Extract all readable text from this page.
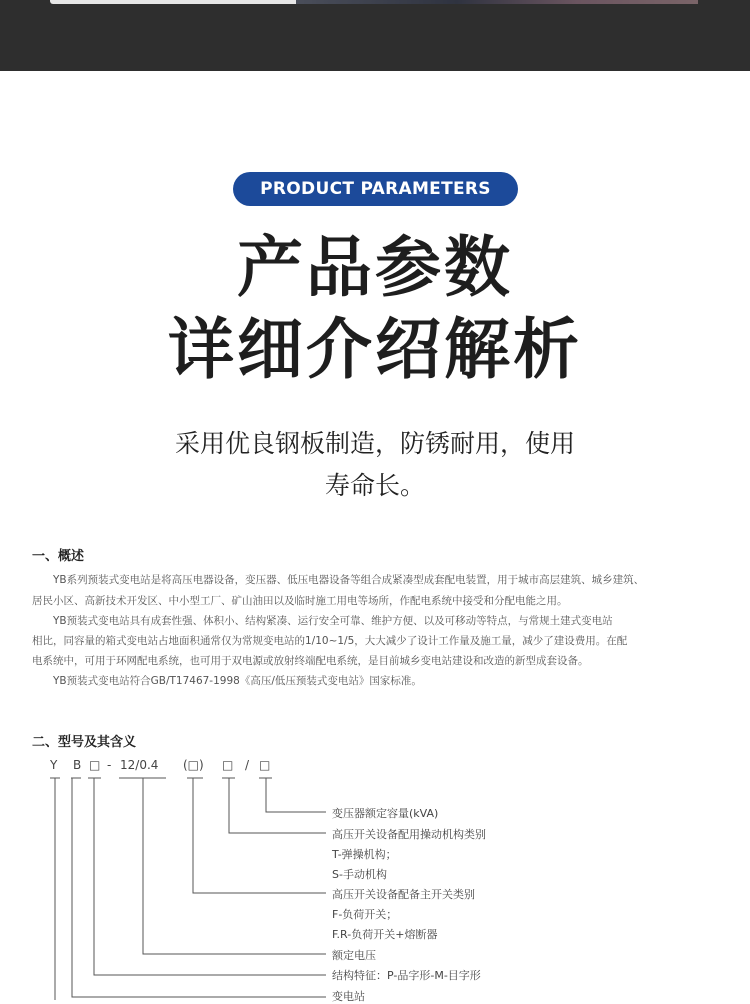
PRODUCT PARAMETERS
产品参数
详细介绍解析
采用优良钢板制造，防锈耐用，使用
寿命长。
一、概述
　　YB系列预装式变电站是将高压电器设备，变压器、低压电器设备等组合成紧凑型成套配电装置，用于城市高层建筑、城乡建筑、
居民小区、高新技术开发区、中小型工厂、矿山油田以及临时施工用电等场所，作配电系统中接受和分配电能之用。
　　YB预装式变电站具有成套性强、体积小、结构紧凑、运行安全可靠、维护方便、以及可移动等特点，与常规土建式变电站
相比，同容量的箱式变电站占地面积通常仅为常规变电站的1/10~1/5，大大减少了设计工作量及施工量，减少了建设费用。在配
电系统中，可用于环网配电系统，也可用于双电源或放射终端配电系统，是目前城乡变电站建设和改造的新型成套设备。
　　YB预装式变电站符合GB/T17467-1998《高压/低压预装式变电站》国家标准。
二、型号及其含义
Y B □ - 12/0.4 (□) □ / □
变压器额定容量(kVA)
高压开关设备配用操动机构类别
T-弹操机构；
S-手动机构
高压开关设备配备主开关类别
F-负荷开关；
F.R-负荷开关+熔断器
额定电压
结构特征：P-品字形-M-目字形
变电站
